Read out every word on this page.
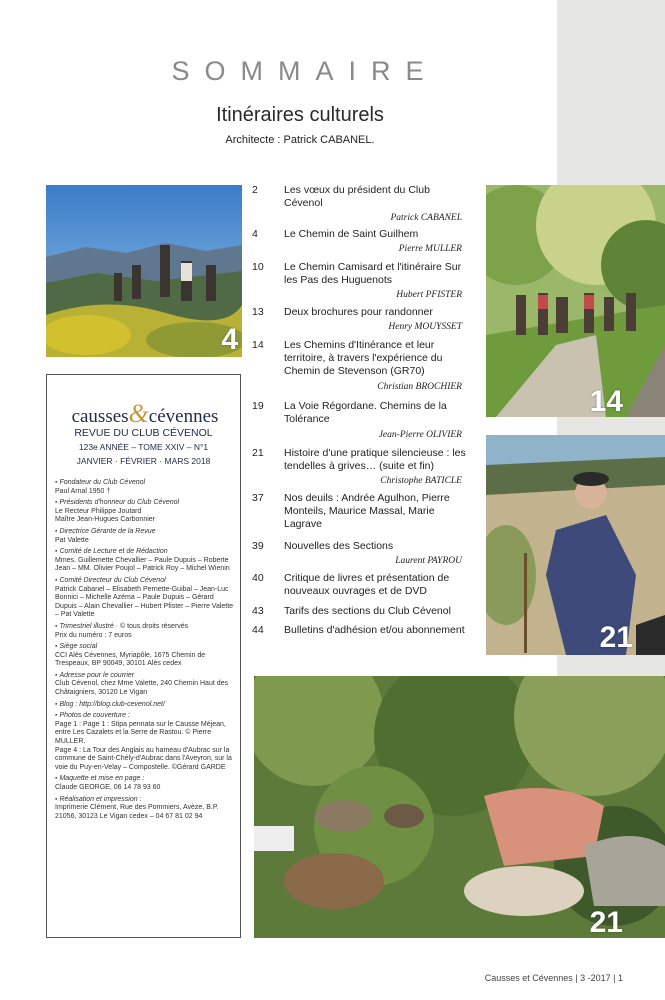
SOMMAIRE
Itinéraires culturels
Architecte : Patrick CABANEL.
4
14
21
21
2	Les vœux du président du Club Cévenol
Patrick CABANEL
4	Le Chemin de Saint Guilhem
Pierre MULLER
10	Le Chemin Camisard et l'itinéraire Sur les Pas des Huguenots
Hubert PFISTER
13	Deux brochures pour randonner
Henry MOUYSSET
14	Les Chemins d'Itinérance et leur territoire, à travers l'expérience du Chemin de Stevenson (GR70)
Christian BROCHIER
19	La Voie Régordane. Chemins de la Tolérance
Jean-Pierre OLIVIER
21	Histoire d'une pratique silencieuse : les tendelles à grives… (suite et fin)
Christophe BATICLE
37	Nos deuils : Andrée Agulhon, Pierre Monteils, Maurice Massal, Marie Lagrave
39	Nouvelles des Sections
Laurent PAYROU
40	Critique de livres et présentation de nouveaux ouvrages et de DVD
43	Tarifs des sections du Club Cévenol
44	Bulletins d'adhésion et/ou abonnement
causses&cévennes
REVUE DU CLUB CÉVENOL
123e ANNÉE – TOME XXIV – N°1
JANVIER · FÉVRIER · MARS 2018
▪ Fondateur du Club Cévenol
Paul Arnal 1950 †
▪ Présidents d'honneur du Club Cévenol
Le Recteur Philippe Joutard
Maître Jean-Hugues Carbonnier
▪ Directrice Gérante de la Revue
Pat Valette
▪ Comité de Lecture et de Rédaction
Mmes. Guillemette Chevallier – Paule Dupuis – Roberte Jean – MM. Olivier Poujol – Patrick Roy – Michel Wienin
▪ Comité Directeur du Club Cévenol
Patrick Cabanel – Elisabeth Pernette-Guibal – Jean-Luc Bonnici – Michelle Azéma – Paule Dupuis – Gérard Dupuis – Alain Chevallier – Hubert Pfister – Pierre Valette – Pat Valette
▪ Trimestriel illustré · © tous droits réservés
Prix du numéro : 7 euros
▪ Siège social
CCI Alès Cévennes, Myriapôle, 1675 Chemin de Trespeaux, BP 90049, 30101 Alès cedex
▪ Adresse pour le courrier
Club Cévenol, chez Mme Valette, 240 Chemin Haut des Châtaigniers, 30120 Le Vigan
▪ Blog : http://blog.club-cevenol.net/
▪ Photos de couverture :
Page 1 : Page 1 : Stipa pennata sur le Causse Méjean, entre Les Cazalets et la Serre de Rastou. © Pierre MULLER.
Page 4 : La Tour des Anglais au hameau d'Aubrac sur la commune de Saint-Chély-d'Aubrac dans l'Aveyron, sur la voie du Puy-en-Velay – Compostelle. ©Gérard GARDE
▪ Maquette et mise en page :
Claude GEORGE, 06 14 78 93 60
▪ Réalisation et impression :
Imprimerie Clément, Rue des Pommiers, Avèze, B.P. 21056, 30123 Le Vigan cedex – 04 67 81 02 94
Causses et Cévennes | 3 -2017 | 1
